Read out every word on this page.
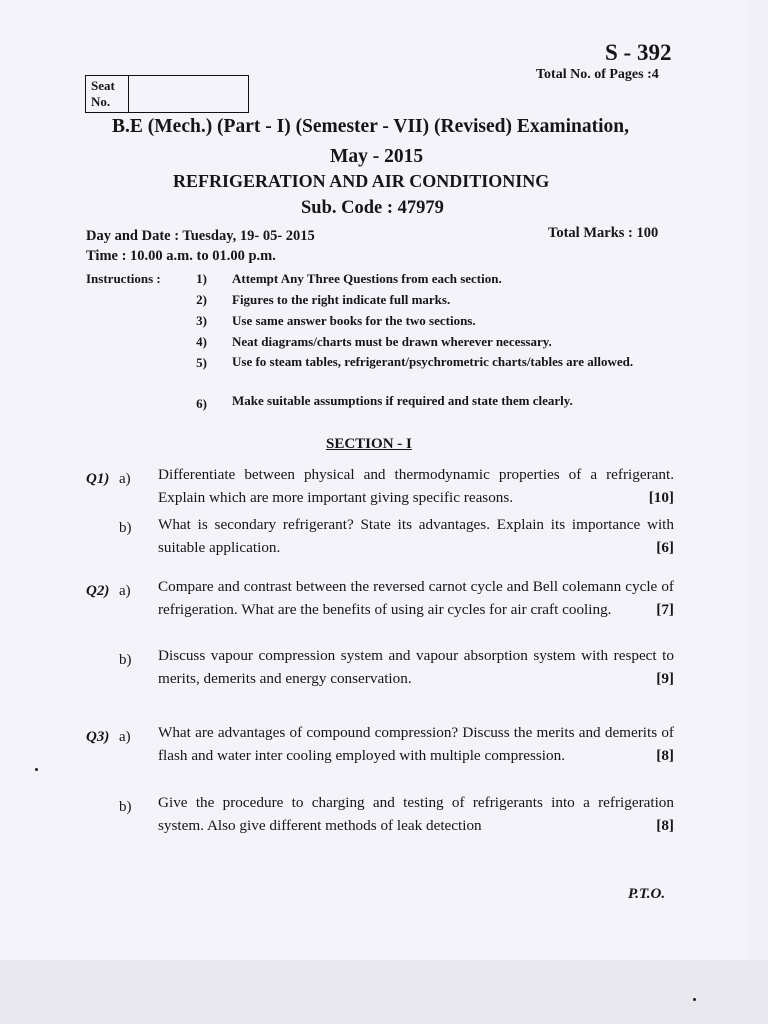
S - 392
Total No. of Pages :4
Seat No.
B.E (Mech.) (Part - I) (Semester - VII) (Revised) Examination,
May - 2015
REFRIGERATION AND AIR CONDITIONING
Sub. Code : 47979
Day and Date : Tuesday, 19- 05- 2015	Total Marks : 100
Time : 10.00 a.m. to 01.00 p.m.
Instructions :	1) Attempt Any Three Questions from each section.
2) Figures to the right indicate full marks.
3) Use same answer books for the two sections.
4) Neat diagrams/charts must be drawn wherever necessary.
5) Use fo steam tables, refrigerant/psychrometric charts/tables are allowed.
6) Make suitable assumptions if required and state them clearly.
SECTION - I
Q1) a) Differentiate between physical and thermodynamic properties of a refrigerant. Explain which are more important giving specific reasons.	[10]
b) What is secondary refrigerant? State its advantages. Explain its importance with suitable application.	[6]
Q2) a) Compare and contrast between the reversed carnot cycle and Bell colemann cycle of refrigeration. What are the benefits of using air cycles for air craft cooling.	[7]
b) Discuss vapour compression system and vapour absorption system with respect to merits, demerits and energy conservation.	[9]
Q3) a) What are advantages of compound compression? Discuss the merits and demerits of flash and water inter cooling employed with multiple compression.	[8]
b) Give the procedure to charging and testing of refrigerants into a refrigeration system. Also give different methods of leak detection	[8]
P.T.O.
